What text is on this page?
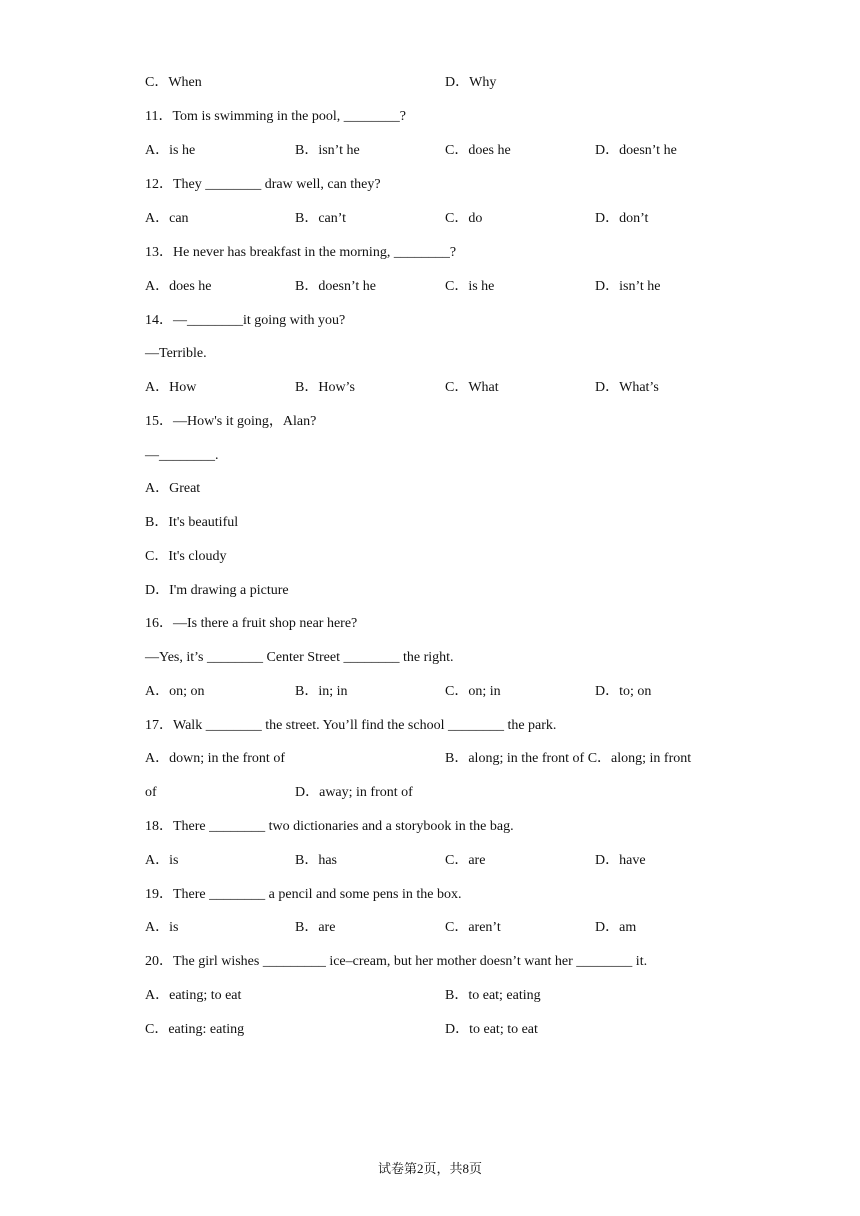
C．When	D．Why
11．Tom is swimming in the pool, ________?
A．is he	B．isn’t he	C．does he	D．doesn’t he
12．They ________ draw well, can they?
A．can	B．can’t	C．do	D．don’t
13．He never has breakfast in the morning, ________?
A．does he	B．doesn’t he	C．is he	D．isn’t he
14．—________it going with you?
—Terrible.
A．How	B．How’s	C．What	D．What’s
15．—How's it going，Alan?
—________.
A．Great
B．It's beautiful
C．It's cloudy
D．I'm drawing a picture
16．—Is there a fruit shop near here?
—Yes, it’s ________ Center Street ________ the right.
A．on; on	B．in; in	C．on; in	D．to; on
17．Walk ________ the street. You’ll find the school ________ the park.
A．down; in the front of	B．along; in the front of C．along; in front
of	D．away; in front of
18．There ________ two dictionaries and a storybook in the bag.
A．is	B．has	C．are	D．have
19．There ________ a pencil and some pens in the box.
A．is	B．are	C．aren’t	D．am
20．The girl wishes _________ ice–cream, but her mother doesn’t want her ________ it.
A．eating; to eat	B．to eat; eating
C．eating: eating	D．to eat; to eat
试卷第2页，共8页
